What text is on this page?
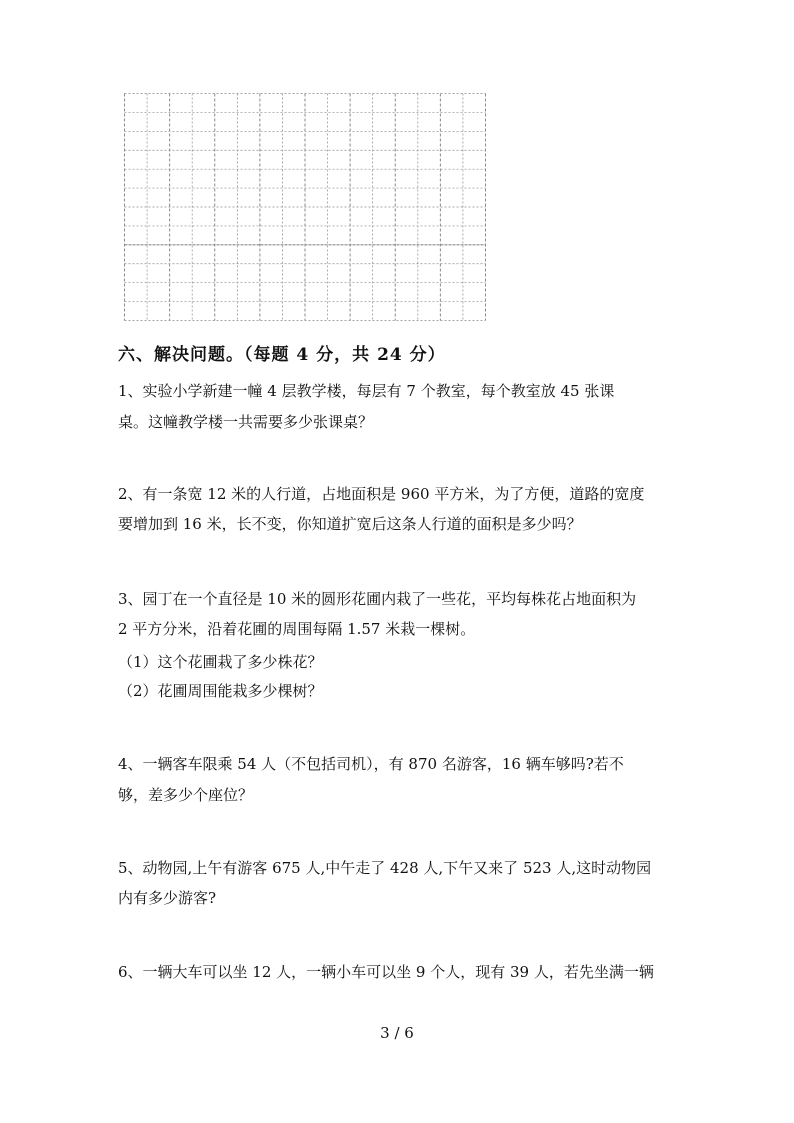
六、解决问题。（每题 4 分，共 24 分）
1、实验小学新建一幢 4 层教学楼，每层有 7 个教室，每个教室放 45 张课
桌。这幢教学楼一共需要多少张课桌？
2、有一条宽 12 米的人行道，占地面积是 960 平方米，为了方便，道路的宽度
要增加到 16 米，长不变，你知道扩宽后这条人行道的面积是多少吗？
3、园丁在一个直径是 10 米的圆形花圃内栽了一些花，平均每株花占地面积为
2 平方分米，沿着花圃的周围每隔 1.57 米栽一棵树。
（1）这个花圃栽了多少株花？
（2）花圃周围能栽多少棵树？
4、一辆客车限乘 54 人（不包括司机），有 870 名游客，16 辆车够吗?若不
够，差多少个座位？
5、动物园,上午有游客 675 人,中午走了 428 人,下午又来了 523 人,这时动物园
内有多少游客?
6、一辆大车可以坐 12 人，一辆小车可以坐 9 个人，现有 39 人，若先坐满一辆
3 / 6
